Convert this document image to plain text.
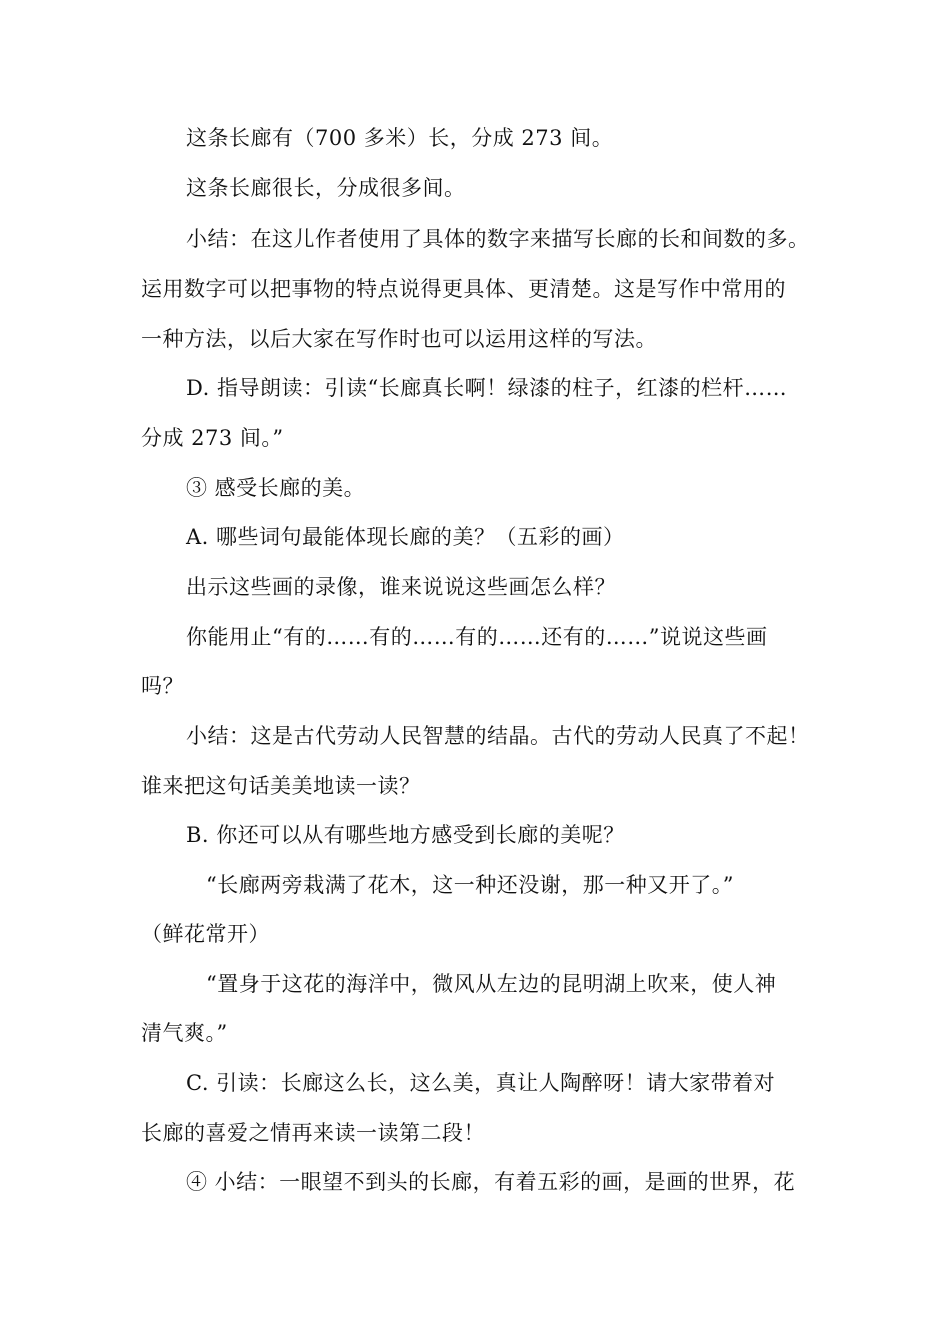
这条长廊有（700 多米）长，分成 273 间。
这条长廊很长，分成很多间。
小结：在这儿作者使用了具体的数字来描写长廊的长和间数的多。
运用数字可以把事物的特点说得更具体、更清楚。这是写作中常用的
一种方法，以后大家在写作时也可以运用这样的写法。
D. 指导朗读：引读“长廊真长啊！绿漆的柱子，红漆的栏杆……
分成 273 间。”
③ 感受长廊的美。
A. 哪些词句最能体现长廊的美？（五彩的画）
出示这些画的录像，谁来说说这些画怎么样？
你能用止“有的……有的……有的……还有的……”说说这些画
吗？
小结：这是古代劳动人民智慧的结晶。古代的劳动人民真了不起！
谁来把这句话美美地读一读？
B. 你还可以从有哪些地方感受到长廊的美呢？
“长廊两旁栽满了花木，这一种还没谢，那一种又开了。”
（鲜花常开）
“置身于这花的海洋中，微风从左边的昆明湖上吹来，使人神
清气爽。”
C. 引读：长廊这么长，这么美，真让人陶醉呀！请大家带着对
长廊的喜爱之情再来读一读第二段！
④ 小结：一眼望不到头的长廊，有着五彩的画，是画的世界，花
